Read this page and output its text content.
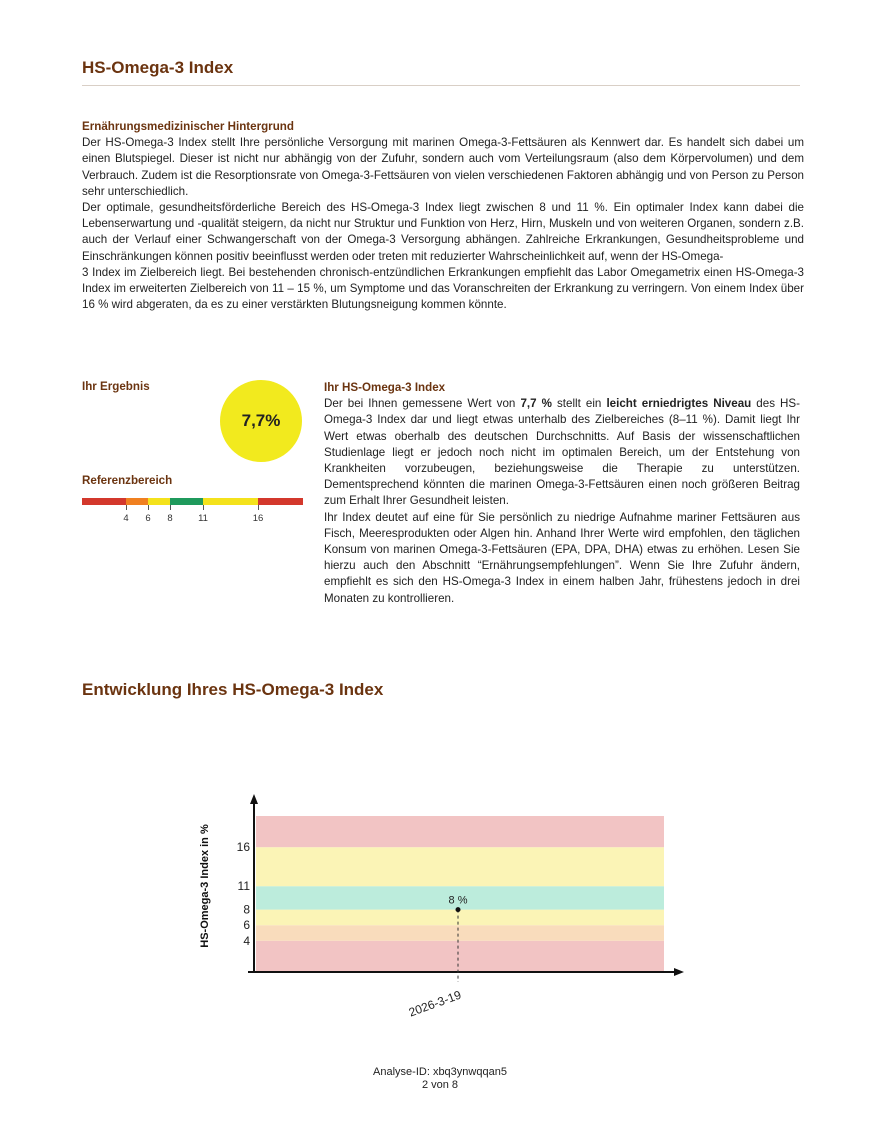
HS-Omega-3 Index
Ernährungsmedizinischer Hintergrund

Der HS-Omega-3 Index stellt Ihre persönliche Versorgung mit marinen Omega-3-Fettsäuren als Kennwert dar. Es handelt sich dabei um einen Blutspiegel. Dieser ist nicht nur abhängig von der Zufuhr, sondern auch vom Verteilungsraum (also dem Körpervolumen) und dem Verbrauch. Zudem ist die Resorptionsrate von Omega-3-Fettsäuren von vielen verschiedenen Faktoren abhängig und von Person zu Person sehr unterschiedlich.

Der optimale, gesundheitsförderliche Bereich des HS-Omega-3 Index liegt zwischen 8 und 11 %. Ein optimaler Index kann dabei die Lebenserwartung und -qualität steigern, da nicht nur Struktur und Funktion von Herz, Hirn, Muskeln und von weiteren Organen, sondern z.B. auch der Verlauf einer Schwangerschaft von der Omega-3 Versorgung abhängen. Zahlreiche Erkrankungen, Gesundheitsprobleme und Einschränkungen können positiv beeinflusst werden oder treten mit reduzierter Wahrscheinlichkeit auf, wenn der HS-Omega-

3 Index im Zielbereich liegt. Bei bestehenden chronisch-entzündlichen Erkrankungen empfiehlt das Labor Omegametrix einen HS-Omega-3 Index im erweiterten Zielbereich von 11 – 15 %, um Symptome und das Voranschreiten der Erkrankung zu verringern. Von einem Index über 16 % wird abgeraten, da es zu einer verstärkten Blutungsneigung kommen könnte.

Ihr Ergebnis
7,7%
Referenzbereich
4 6 8	11	16
Ihr HS-Omega-3 Index

Der bei Ihnen gemessene Wert von 7,7 % stellt ein leicht erniedrigtes Niveau des HS-Omega-3 Index dar und liegt etwas unterhalb des Zielbereiches (8–11 %). Damit liegt Ihr Wert etwas oberhalb des deutschen Durchschnitts. Auf Basis der wissenschaftlichen Studienlage liegt er jedoch noch nicht im optimalen Bereich, um der Entstehung von Krankheiten vorzubeugen, beziehungsweise die Therapie zu unterstützen. Dementsprechend könnten die marinen Omega-3-Fettsäuren einen noch größeren Beitrag zum Erhalt Ihrer Gesundheit leisten.

Ihr Index deutet auf eine für Sie persönlich zu niedrige Aufnahme mariner Fettsäuren aus Fisch, Meeresprodukten oder Algen hin. Anhand Ihrer Werte wird empfohlen, den täglichen Konsum von marinen Omega-3-Fettsäuren (EPA, DPA, DHA) etwas zu erhöhen. Lesen Sie hierzu auch den Abschnitt “Ernährungsempfehlungen”. Wenn Sie Ihre Zufuhr ändern, empfiehlt es sich den HS-Omega-3 Index in einem halben Jahr, frühestens jedoch in drei Monaten zu kontrollieren.

Entwicklung Ihres HS-Omega-3 Index
4
6
8
11
16
HS-Omega-3 Index in %	8 %
2026-3-19
Analyse-ID: xbq3ynwqqan5
2 von 8
